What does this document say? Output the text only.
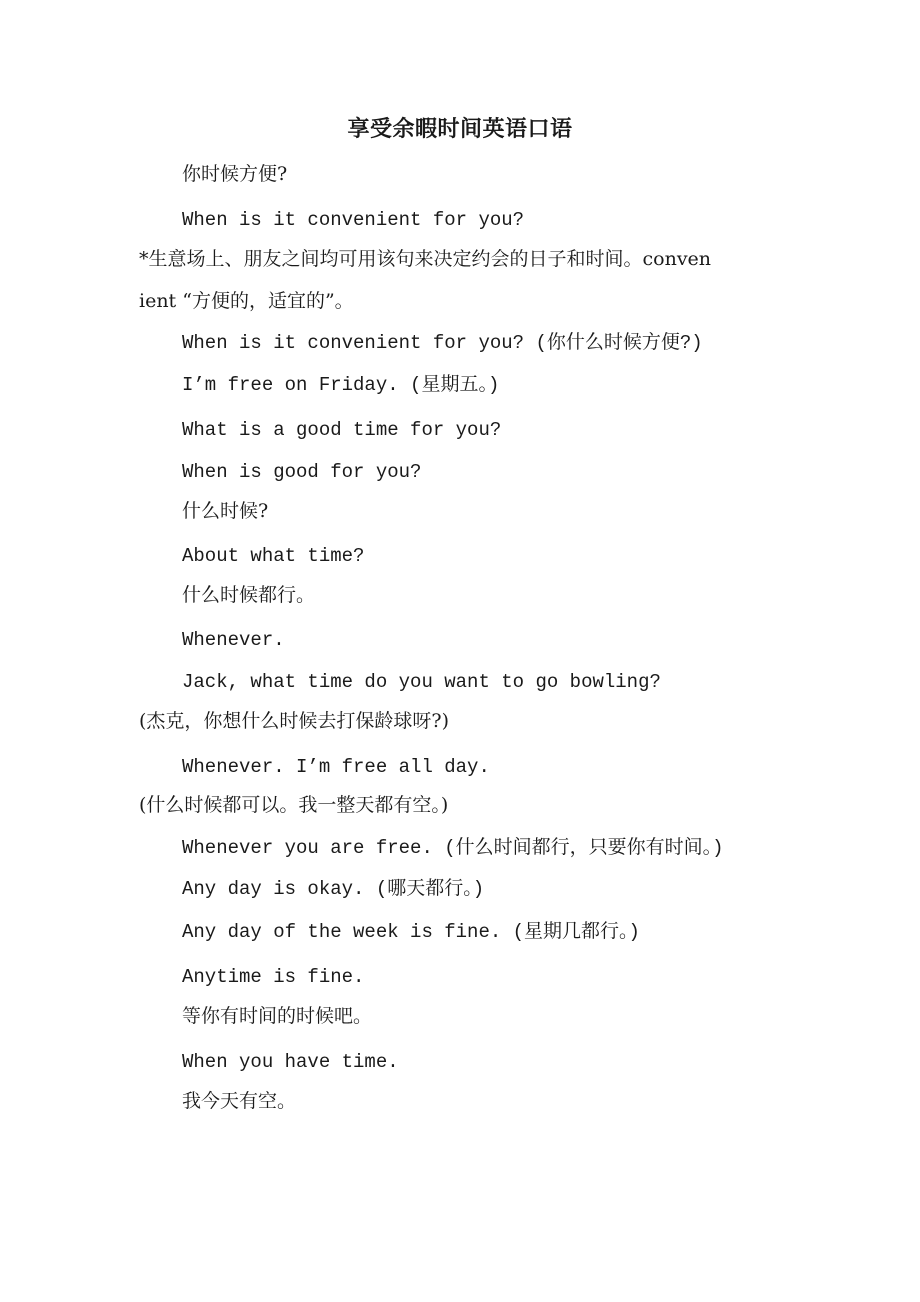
享受余暇时间英语口语
你时候方便?
When is it convenient for you?
*生意场上、朋友之间均可用该句来决定约会的日子和时间。conven
ient “方便的，适宜的”。
When is it convenient for you? (你什么时候方便?)
I’m free on Friday. (星期五。)
What is a good time for you?
When is good for you?
什么时候?
About what time?
什么时候都行。
Whenever.
Jack, what time do you want to go bowling?
(杰克，你想什么时候去打保龄球呀?)
Whenever. I’m free all day.
(什么时候都可以。我一整天都有空。)
Whenever you are free. (什么时间都行，只要你有时间。)
Any day is okay. (哪天都行。)
Any day of the week is fine. (星期几都行。)
Anytime is fine.
等你有时间的时候吧。
When you have time.
我今天有空。
